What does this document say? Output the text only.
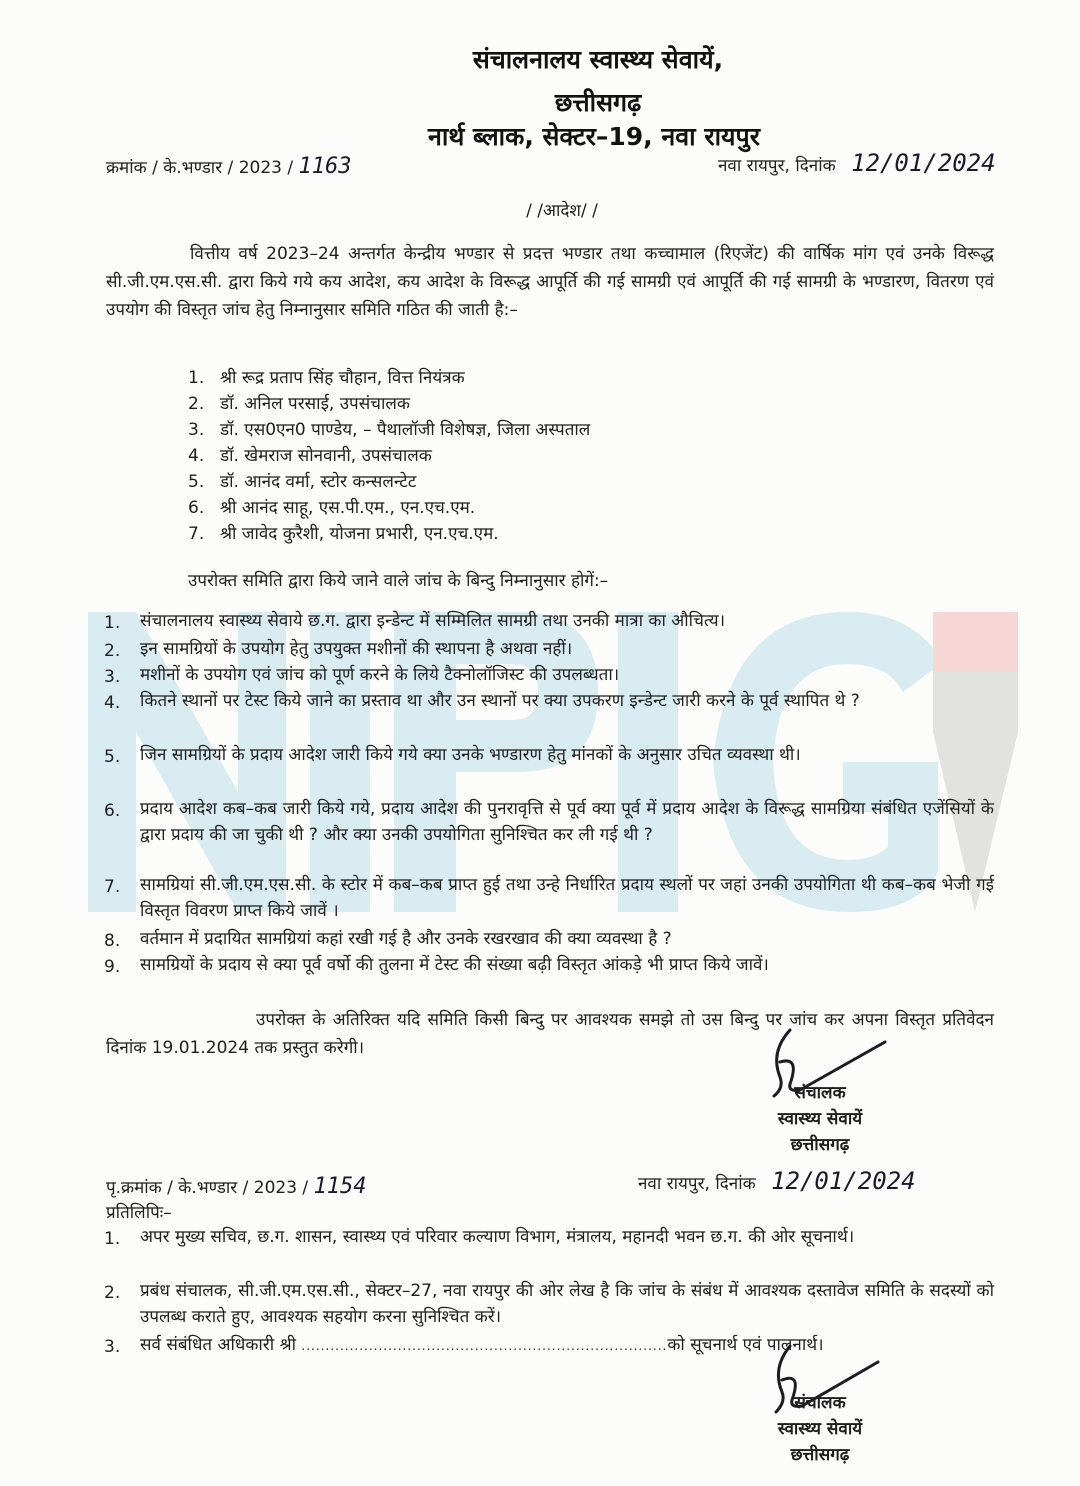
संचालनालय स्वास्थ्य सेवायें,
छत्तीसगढ़
नार्थ ब्लाक, सेक्टर–19, नवा रायपुर
क्रमांक / के.भण्डार / 2023 / 1163	नवा रायपुर, दिनांक 12/01/2024
/ /आदेश/ /
वित्तीय वर्ष 2023–24 अन्तर्गत केन्द्रीय भण्डार से प्रदत्त भण्डार तथा कच्चामाल (रिएजेंट) की वार्षिक मांग एवं उनके विरूद्ध सी.जी.एम.एस.सी. द्वारा किये गये कय आदेश, कय आदेश के विरूद्ध आपूर्ति की गई सामग्री एवं आपूर्ति की गई सामग्री के भण्डारण, वितरण एवं उपयोग की विस्तृत जांच हेतु निम्नानुसार समिति गठित की जाती है:–
1. श्री रूद्र प्रताप सिंह चौहान, वित्त नियंत्रक
2. डॉ. अनिल परसाई, उपसंचालक
3. डॉ. एस0एन0 पाण्डेय, – पैथालॉजी विशेषज्ञ, जिला अस्पताल
4. डॉ. खेमराज सोनवानी, उपसंचालक
5. डॉ. आनंद वर्मा, स्टोर कन्सलन्टेट
6. श्री आनंद साहू, एस.पी.एम., एन.एच.एम.
7. श्री जावेद कुरैशी, योजना प्रभारी, एन.एच.एम.
उपरोक्त समिति द्वारा किये जाने वाले जांच के बिन्दु निम्नानुसार होगें:–
1. संचालनालय स्वास्थ्य सेवाये छ.ग. द्वारा इन्डेन्ट में सम्मिलित सामग्री तथा उनकी मात्रा का औचित्य।
2. इन सामग्रियों के उपयोग हेतु उपयुक्त मशीनों की स्थापना है अथवा नहीं।
3. मशीनों के उपयोग एवं जांच को पूर्ण करने के लिये टैक्नोलॉजिस्ट की उपलब्धता।
4. कितने स्थानों पर टेस्ट किये जाने का प्रस्ताव था और उन स्थानों पर क्या उपकरण इन्डेन्ट जारी करने के पूर्व स्थापित थे ?
5. जिन सामग्रियों के प्रदाय आदेश जारी किये गये क्या उनके भण्डारण हेतु मांनकों के अनुसार उचित व्यवस्था थी।
6. प्रदाय आदेश कब–कब जारी किये गये, प्रदाय आदेश की पुनरावृत्ति से पूर्व क्या पूर्व में प्रदाय आदेश के विरूद्ध सामग्रिया संबंधित एजेंसियों के द्वारा प्रदाय की जा चुकी थी ? और क्या उनकी उपयोगिता सुनिश्चित कर ली गई थी ?
7. सामग्रियां सी.जी.एम.एस.सी. के स्टोर में कब–कब प्राप्त हुई तथा उन्हे निर्धारित प्रदाय स्थलों पर जहां उनकी उपयोगिता थी कब–कब भेजी गई विस्तृत विवरण प्राप्त किये जावें ।
8. वर्तमान में प्रदायित सामग्रियां कहां रखी गई है और उनके रखरखाव की क्या व्यवस्था है ?
9. सामग्रियों के प्रदाय से क्या पूर्व वर्षो की तुलना में टेस्ट की संख्या बढ़ी विस्तृत आंकड़े भी प्राप्त किये जावें।
उपरोक्त के अतिरिक्त यदि समिति किसी बिन्दु पर आवश्यक समझे तो उस बिन्दु पर जांच कर अपना विस्तृत प्रतिवेदन दिनांक 19.01.2024 तक प्रस्तुत करेगी।
संचालक
स्वास्थ्य सेवायें
छत्तीसगढ़
पृ.क्रमांक / के.भण्डार / 2023 / 1154	नवा रायपुर, दिनांक 12/01/2024
प्रतिलिपिः–
1. अपर मुख्य सचिव, छ.ग. शासन, स्वास्थ्य एवं परिवार कल्याण विभाग, मंत्रालय, महानदी भवन छ.ग. की ओर सूचनार्थ।
2. प्रबंध संचालक, सी.जी.एम.एस.सी., सेक्टर–27, नवा रायपुर की ओर लेख है कि जांच के संबंध में आवश्यक दस्तावेज समिति के सदस्यों को उपलब्ध कराते हुए, आवश्यक सहयोग करना सुनिश्चित करें।
3. सर्व संबंधित अधिकारी श्री ............................................................................को सूचनार्थ एवं पालनार्थ।
संचालक
स्वास्थ्य सेवायें
छत्तीसगढ़
